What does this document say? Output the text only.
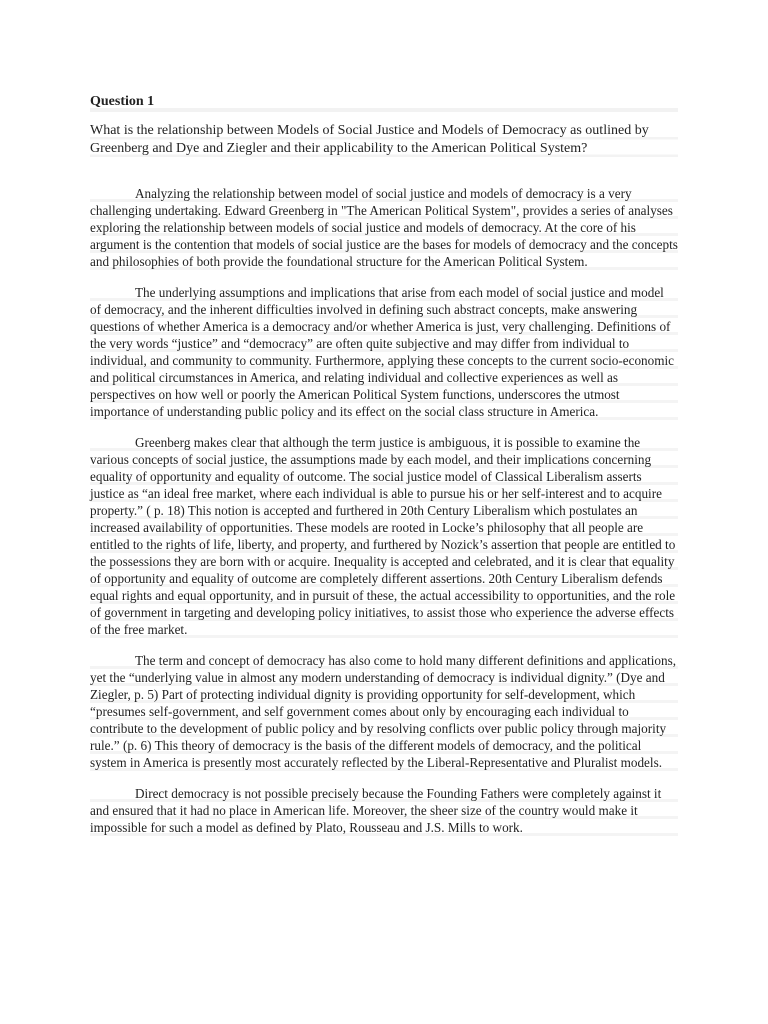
Question 1
What is the relationship between Models of Social Justice and Models of Democracy as outlined by Greenberg and Dye and Ziegler and their applicability to the American Political System?

Analyzing the relationship between model of social justice and models of democracy is a very challenging undertaking. Edward Greenberg in "The American Political System", provides a series of analyses exploring the relationship between models of social justice and models of democracy. At the core of his argument is the contention that models of social justice are the bases for models of democracy and the concepts and philosophies of both provide the foundational structure for the American Political System.

The underlying assumptions and implications that arise from each model of social justice and model of democracy, and the inherent difficulties involved in defining such abstract concepts, make answering questions of whether America is a democracy and/or whether America is just, very challenging. Definitions of the very words “justice” and “democracy” are often quite subjective and may differ from individual to individual, and community to community. Furthermore, applying these concepts to the current socio-economic and political circumstances in America, and relating individual and collective experiences as well as perspectives on how well or poorly the American Political System functions, underscores the utmost importance of understanding public policy and its effect on the social class structure in America.

Greenberg makes clear that although the term justice is ambiguous, it is possible to examine the various concepts of social justice, the assumptions made by each model, and their implications concerning equality of opportunity and equality of outcome. The social justice model of Classical Liberalism asserts justice as “an ideal free market, where each individual is able to pursue his or her self-interest and to acquire property.” ( p. 18) This notion is accepted and furthered in 20th Century Liberalism which postulates an increased availability of opportunities. These models are rooted in Locke’s philosophy that all people are entitled to the rights of life, liberty, and property, and furthered by Nozick’s assertion that people are entitled to the possessions they are born with or acquire. Inequality is accepted and celebrated, and it is clear that equality of opportunity and equality of outcome are completely different assertions. 20th Century Liberalism defends equal rights and equal opportunity, and in pursuit of these, the actual accessibility to opportunities, and the role of government in targeting and developing policy initiatives, to assist those who experience the adverse effects of the free market.

The term and concept of democracy has also come to hold many different definitions and applications, yet the “underlying value in almost any modern understanding of democracy is individual dignity.” (Dye and Ziegler, p. 5) Part of protecting individual dignity is providing opportunity for self-development, which “presumes self-government, and self government comes about only by encouraging each individual to contribute to the development of public policy and by resolving conflicts over public policy through majority rule.” (p. 6) This theory of democracy is the basis of the different models of democracy, and the political system in America is presently most accurately reflected by the Liberal-Representative and Pluralist models.

Direct democracy is not possible precisely because the Founding Fathers were completely against it and ensured that it had no place in American life. Moreover, the sheer size of the country would make it impossible for such a model as defined by Plato, Rousseau and J.S. Mills to work.
